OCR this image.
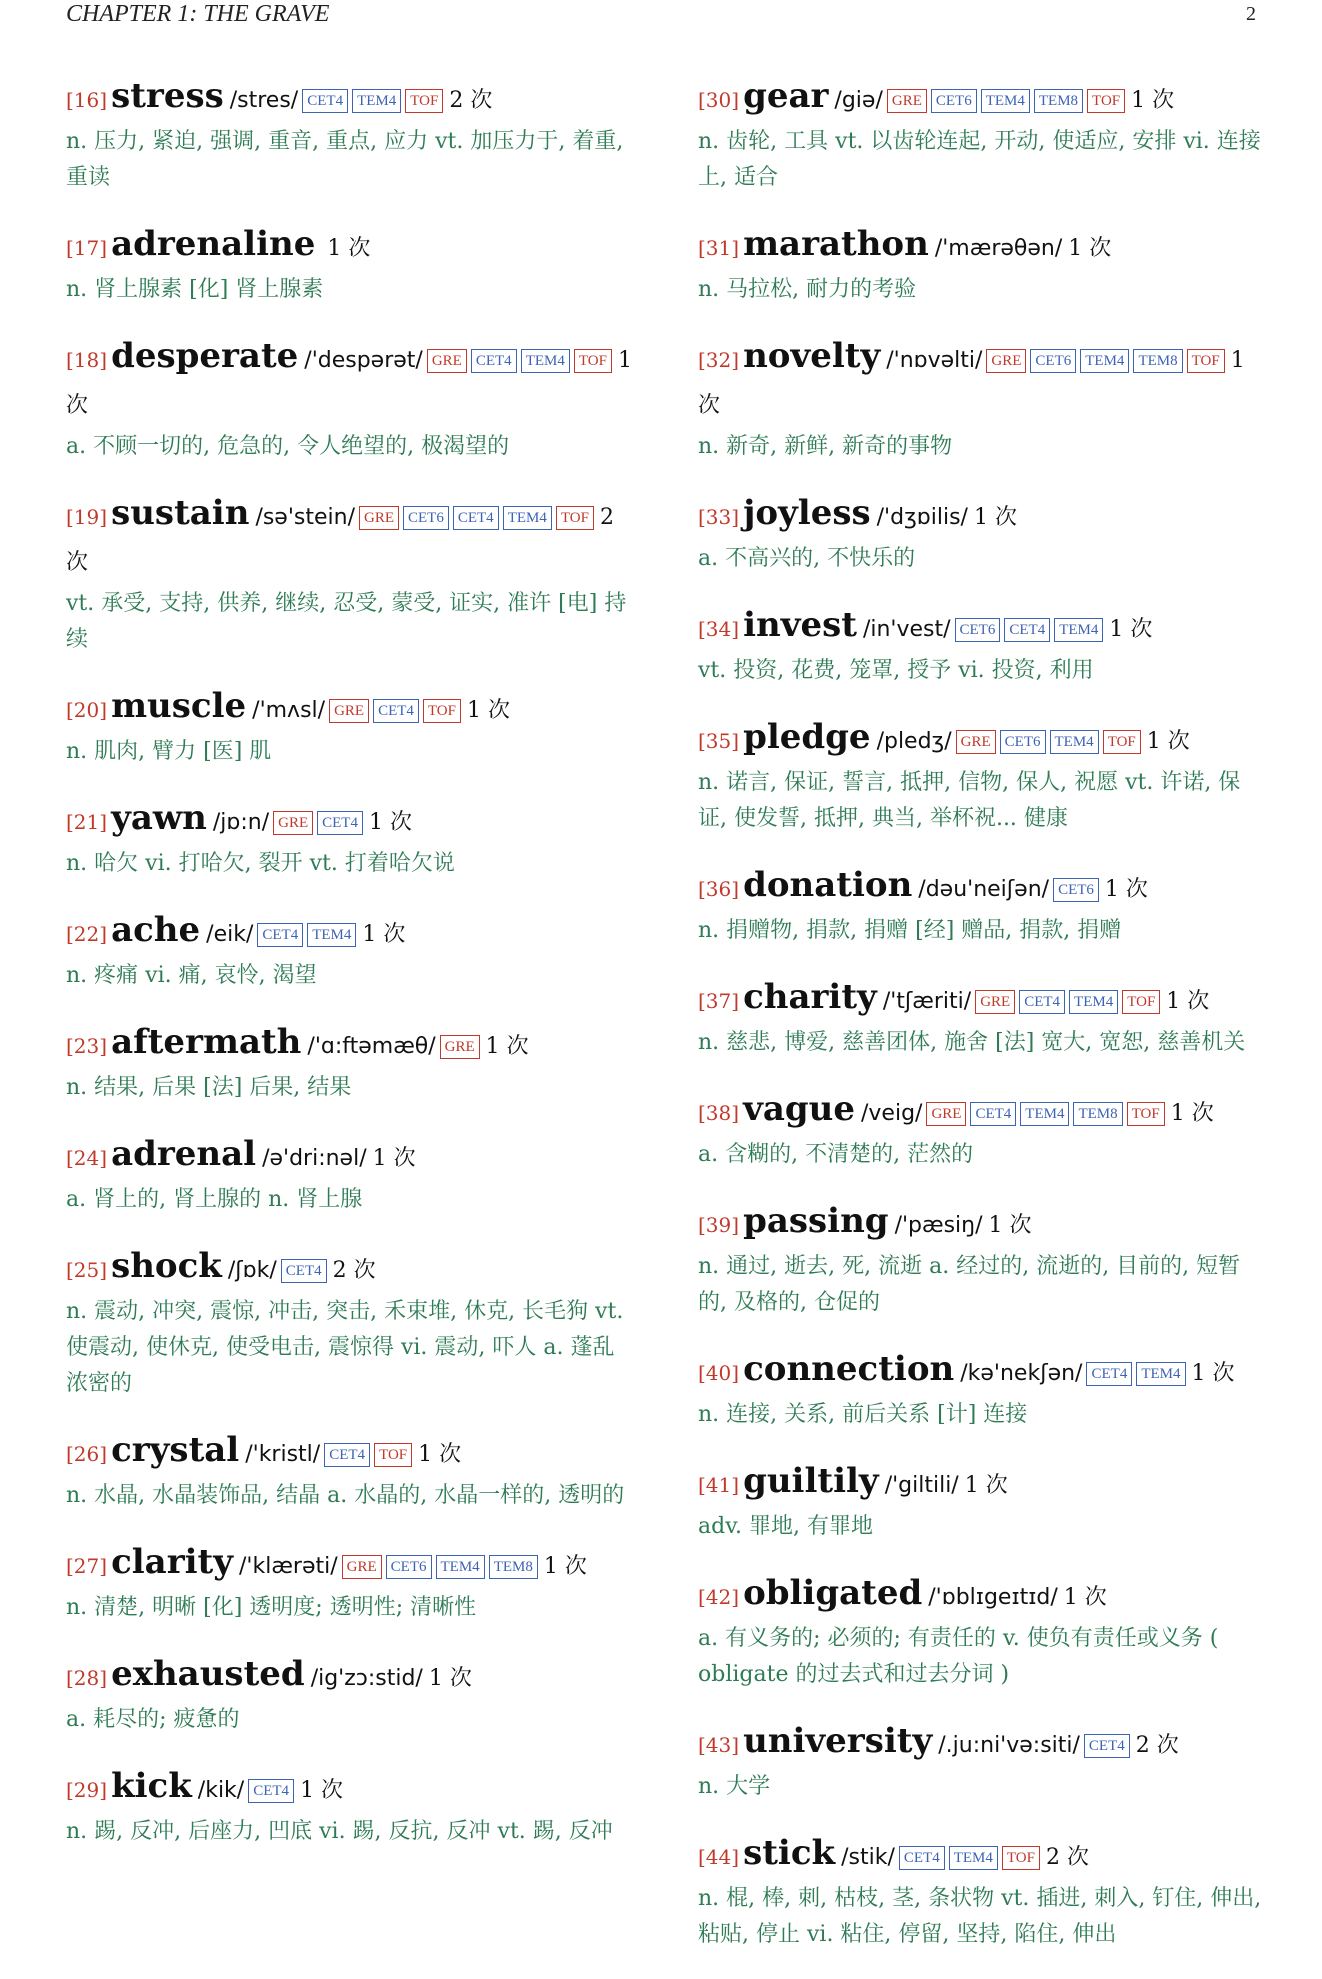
CHAPTER 1: THE GRAVE	2
[16] stress /stres/ CET4 TEM4 TOF 2 次
n. 压力, 紧迫, 强调, 重音, 重点, 应力 vt. 加压力于, 着重, 重读
[17] adrenaline 1 次
n. 肾上腺素 [化] 肾上腺素
[18] desperate /'despərət/ GRE CET4 TEM4 TOF 1 次
a. 不顾一切的, 危急的, 令人绝望的, 极渴望的
[19] sustain /sə'stein/ GRE CET6 CET4 TEM4 TOF 2 次
vt. 承受, 支持, 供养, 继续, 忍受, 蒙受, 证实, 准许 [电] 持续
[20] muscle /'mʌsl/ GRE CET4 TOF 1 次
n. 肌肉, 臂力 [医] 肌
[21] yawn /jɒ:n/ GRE CET4 1 次
n. 哈欠 vi. 打哈欠, 裂开 vt. 打着哈欠说
[22] ache /eik/ CET4 TEM4 1 次
n. 疼痛 vi. 痛, 哀怜, 渴望
[23] aftermath /'ɑ:ftəmæθ/ GRE 1 次
n. 结果, 后果 [法] 后果, 结果
[24] adrenal /ə'dri:nəl/ 1 次
a. 肾上的, 肾上腺的 n. 肾上腺
[25] shock /ʃɒk/ CET4 2 次
n. 震动, 冲突, 震惊, 冲击, 突击, 禾束堆, 休克, 长毛狗 vt. 使震动, 使休克, 使受电击, 震惊得 vi. 震动, 吓人 a. 蓬乱浓密的
[26] crystal /'kristl/ CET4 TOF 1 次
n. 水晶, 水晶装饰品, 结晶 a. 水晶的, 水晶一样的, 透明的
[27] clarity /'klærəti/ GRE CET6 TEM4 TEM8 1 次
n. 清楚, 明晰 [化] 透明度; 透明性; 清晰性
[28] exhausted /ig'zɔ:stid/ 1 次
a. 耗尽的; 疲惫的
[29] kick /kik/ CET4 1 次
n. 踢, 反冲, 后座力, 凹底 vi. 踢, 反抗, 反冲 vt. 踢, 反冲
[30] gear /giə/ GRE CET6 TEM4 TEM8 TOF 1 次
n. 齿轮, 工具 vt. 以齿轮连起, 开动, 使适应, 安排 vi. 连接上, 适合
[31] marathon /'mærəθən/ 1 次
n. 马拉松, 耐力的考验
[32] novelty /'nɒvəlti/ GRE CET6 TEM4 TEM8 TOF 1 次
n. 新奇, 新鲜, 新奇的事物
[33] joyless /'dʒɒilis/ 1 次
a. 不高兴的, 不快乐的
[34] invest /in'vest/ CET6 CET4 TEM4 1 次
vt. 投资, 花费, 笼罩, 授予 vi. 投资, 利用
[35] pledge /pledʒ/ GRE CET6 TEM4 TOF 1 次
n. 诺言, 保证, 誓言, 抵押, 信物, 保人, 祝愿 vt. 许诺, 保证, 使发誓, 抵押, 典当, 举杯祝... 健康
[36] donation /dəu'neiʃən/ CET6 1 次
n. 捐赠物, 捐款, 捐赠 [经] 赠品, 捐款, 捐赠
[37] charity /'tʃæriti/ GRE CET4 TEM4 TOF 1 次
n. 慈悲, 博爱, 慈善团体, 施舍 [法] 宽大, 宽恕, 慈善机关
[38] vague /veig/ GRE CET4 TEM4 TEM8 TOF 1 次
a. 含糊的, 不清楚的, 茫然的
[39] passing /'pæsiŋ/ 1 次
n. 通过, 逝去, 死, 流逝 a. 经过的, 流逝的, 目前的, 短暂的, 及格的, 仓促的
[40] connection /kə'nekʃən/ CET4 TEM4 1 次
n. 连接, 关系, 前后关系 [计] 连接
[41] guiltily /'giltili/ 1 次
adv. 罪地, 有罪地
[42] obligated /'ɒblɪgeɪtɪd/ 1 次
a. 有义务的; 必须的; 有责任的 v. 使负有责任或义务 ( obligate 的过去式和过去分词 )
[43] university /.ju:ni'və:siti/ CET4 2 次
n. 大学
[44] stick /stik/ CET4 TEM4 TOF 2 次
n. 棍, 棒, 刺, 枯枝, 茎, 条状物 vt. 插进, 刺入, 钉住, 伸出, 粘贴, 停止 vi. 粘住, 停留, 坚持, 陷住, 伸出
